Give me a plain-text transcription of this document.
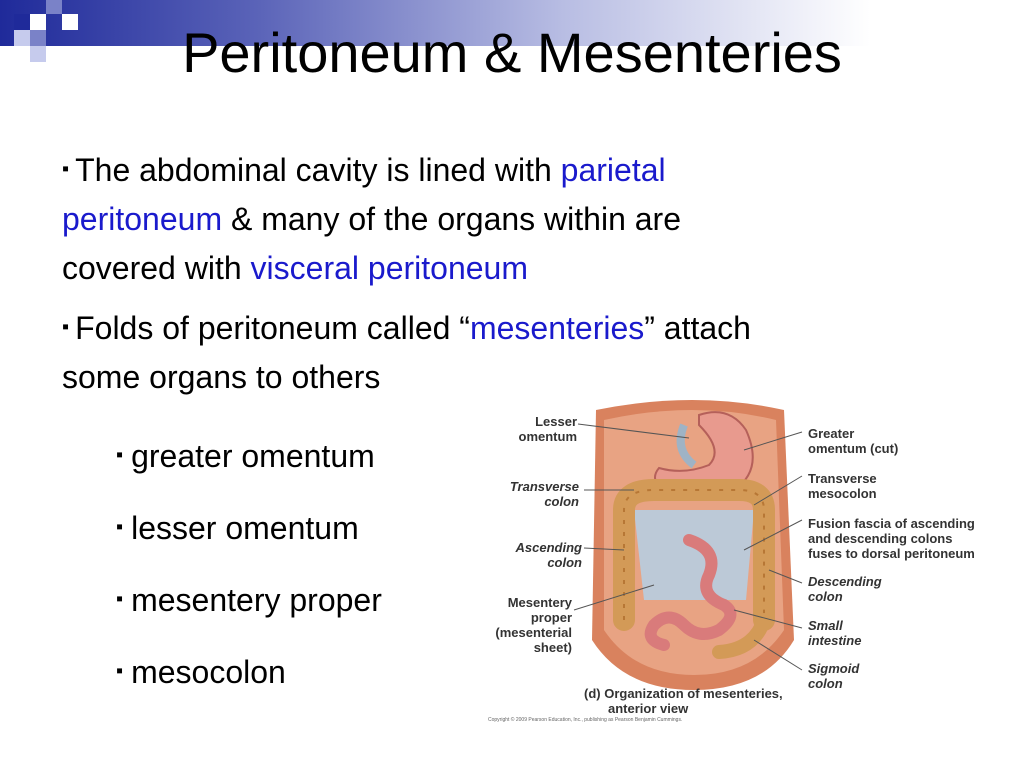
Peritoneum & Mesenteries

▪ The abdominal cavity is lined with parietal
peritoneum & many of the organs within are
covered with visceral peritoneum

▪ Folds of peritoneum called “mesenteries” attach
some organs to others

▪ greater omentum
▪ lesser omentum
▪ mesentery proper
▪ mesocolon
Lesser
omentum
Transverse
colon
Ascending
colon
Mesentery
proper
(mesenterial
sheet)
Greater
omentum (cut)
Transverse
mesocolon
Fusion fascia of ascending
and descending colons
fuses to dorsal peritoneum
Descending
colon
Small
intestine
Sigmoid
colon
(d) Organization of mesenteries,
anterior view
Copyright © 2009 Pearson Education, Inc., publishing as Pearson Benjamin Cummings.
